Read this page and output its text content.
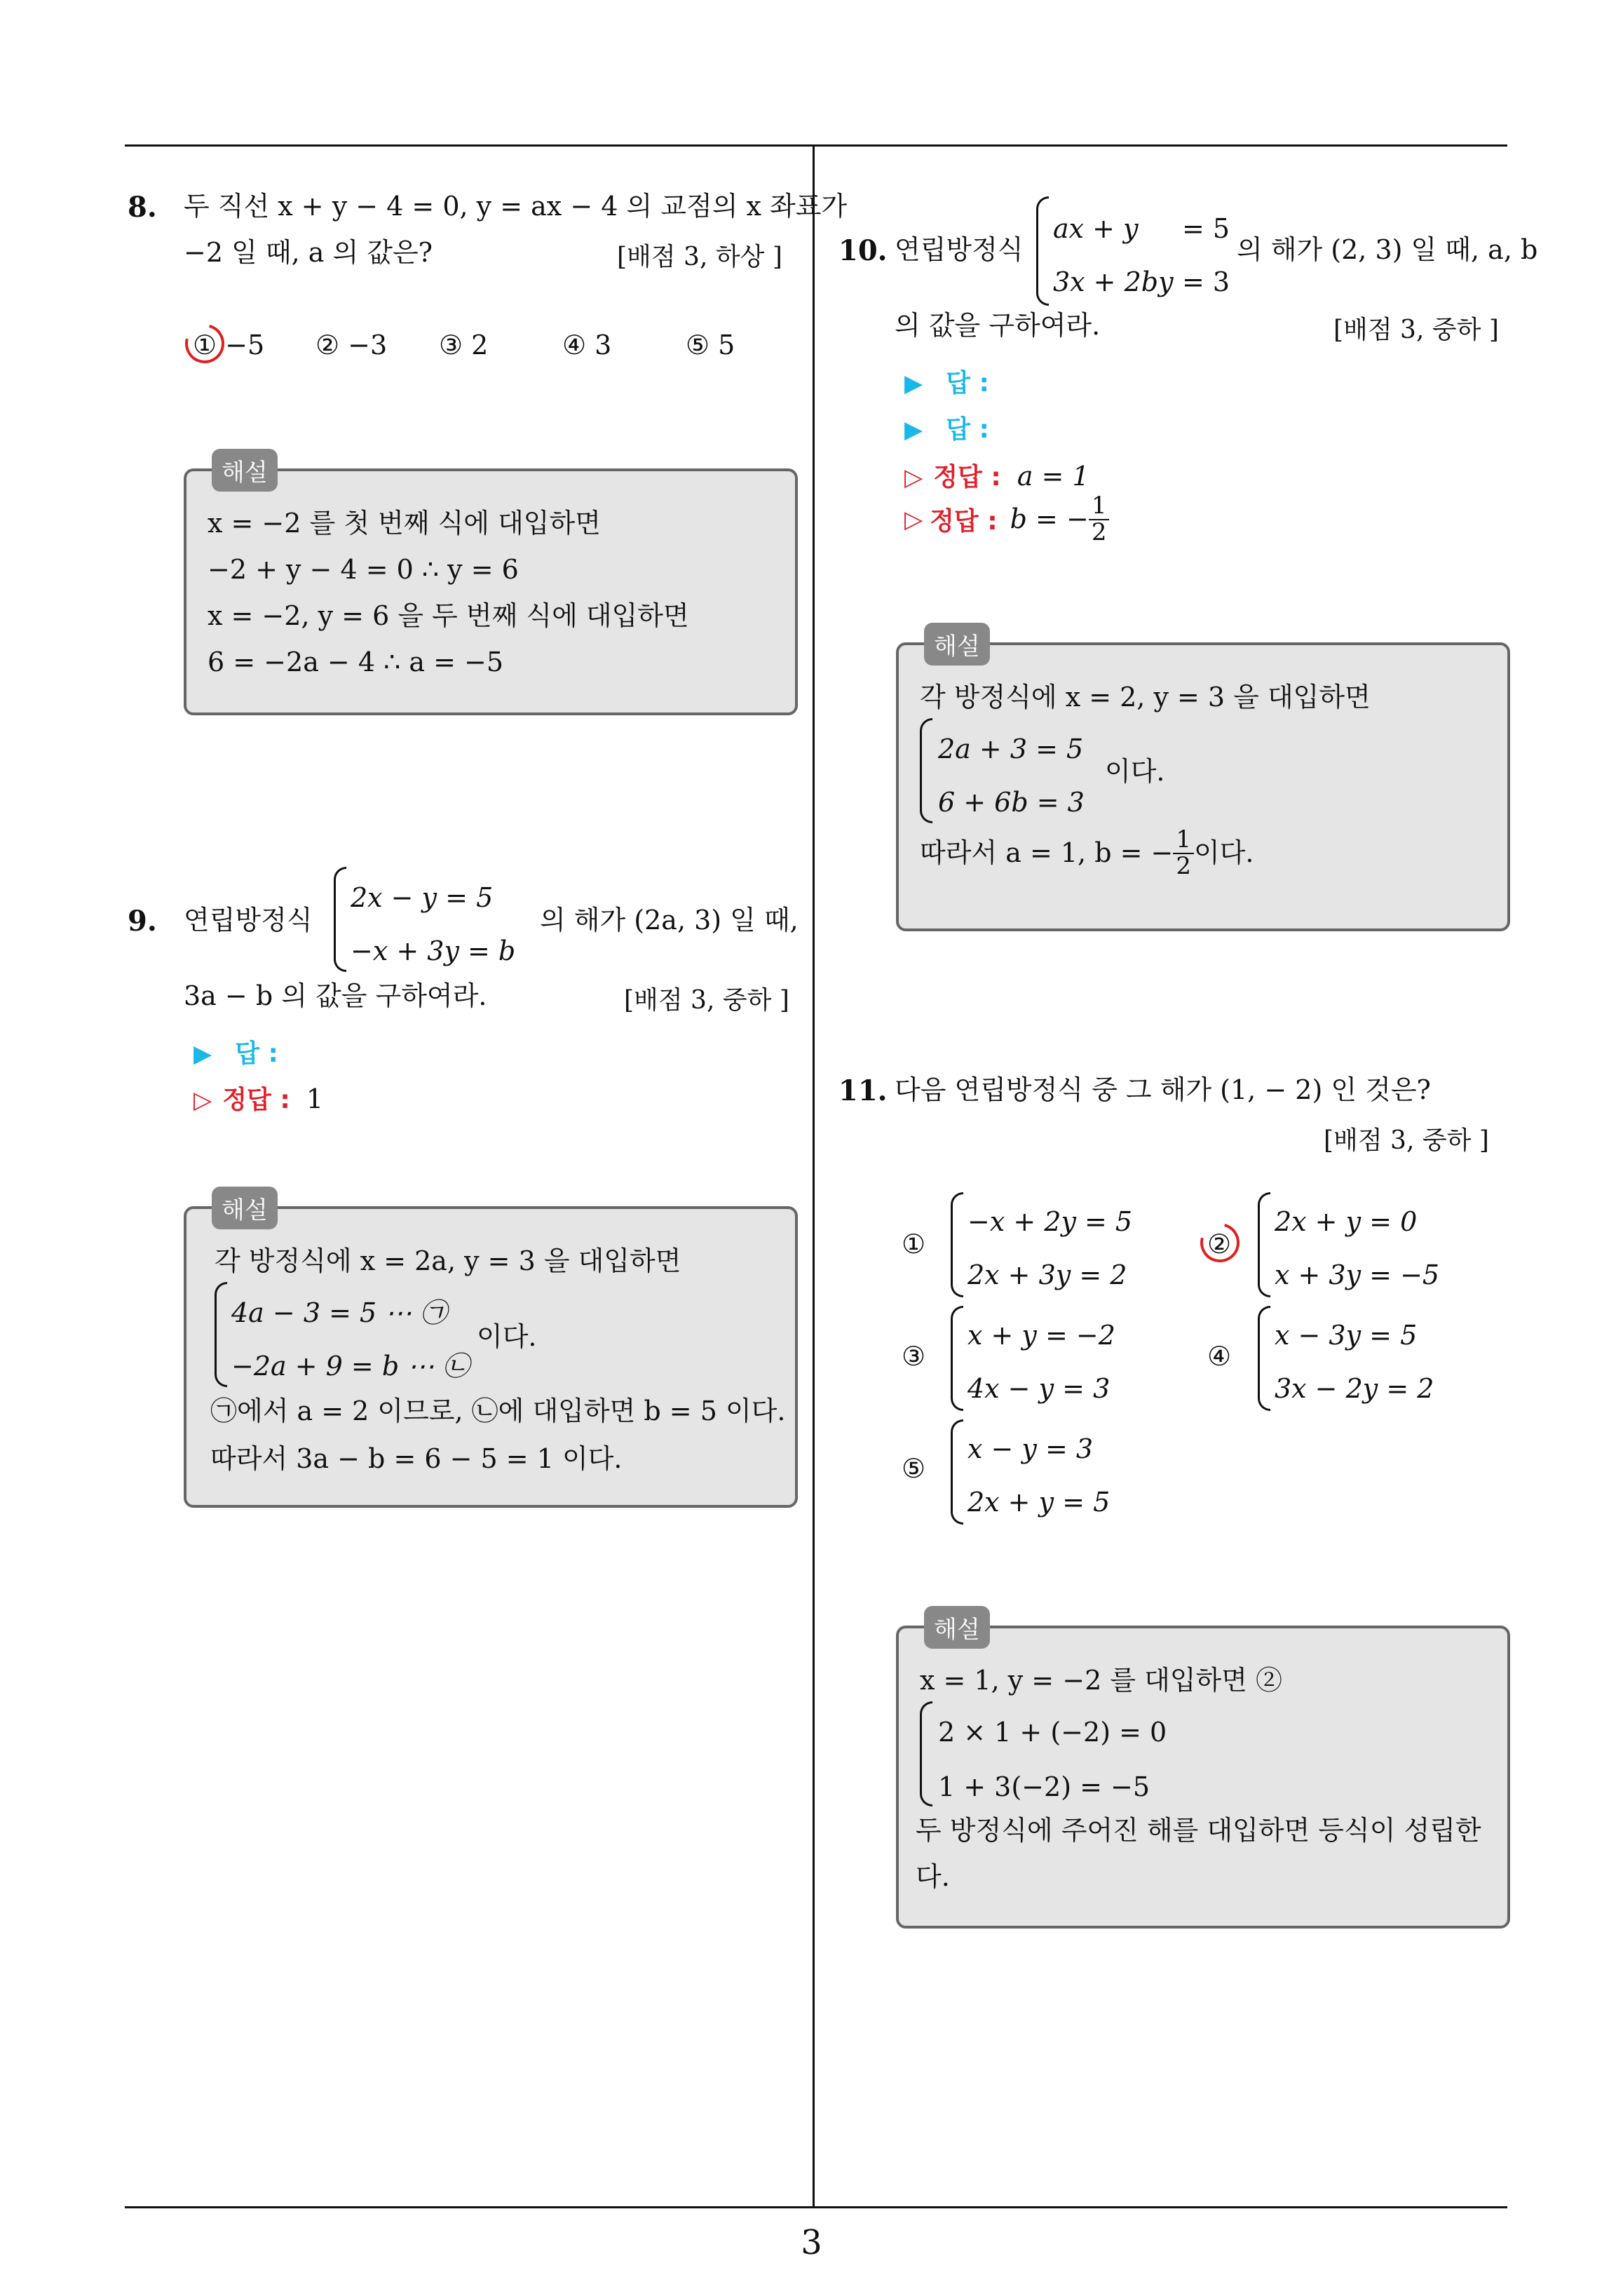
3
8. 두 직선 x + y − 4 = 0, y = ax − 4 의 교점의 x 좌표가
−2 일 때, a 의 값은?	[배점 3, 하상 ]
① −5 ② −3 ③ 2	④ 3	⑤ 5
해설
x = −2 를 첫 번째 식에 대입하면
−2 + y − 4 = 0 ∴ y = 6
x = −2, y = 6 을 두 번째 식에 대입하면
6 = −2a − 4 ∴ a = −5
9. 연립방정식
2x − y = 5
−x + 3y = b
의 해가 (2a, 3) 일 때,
3a − b 의 값을 구하여라.	[배점 3, 중하 ]
▶ 답 :
▷ 정답 : 1
해설
각 방정식에 x = 2a, y = 3 을 대입하면
4a − 3 = 5 ⋯ ㉠
−2a + 9 = b ⋯ ㉡
이다.
㉠에서 a = 2 이므로, ㉡에 대입하면 b = 5 이다.
따라서 3a − b = 6 − 5 = 1 이다.
10. 연립방정식
ax + y = 5
3x + 2by = 3
의 해가 (2, 3) 일 때, a, b
의 값을 구하여라.	[배점 3, 중하 ]
▶ 답 :
▶ 답 :
▷ 정답 : a = 1
▷ 정답 : b = − $\frac{1}{2}$
해설
각 방정식에 x = 2, y = 3 을 대입하면
2a + 3 = 5
6 + 6b = 3
이다.
따라서 a = 1, b = − $\frac{1}{2}$ 이다.
11. 다음 연립방정식 중 그 해가 (1, − 2) 인 것은?
[배점 3, 중하 ]
①
−x + 2y = 5
2x + 3y = 2
②
2x + y = 0
x + 3y = −5
③
x + y = −2
4x − y = 3
④
x − 3y = 5
3x − 2y = 2
⑤
x − y = 3
2x + y = 5
해설
x = 1, y = −2 를 대입하면 ②
2 × 1 + (−2) = 0
1 + 3(−2) = −5
두 방정식에 주어진 해를 대입하면 등식이 성립한
다.
